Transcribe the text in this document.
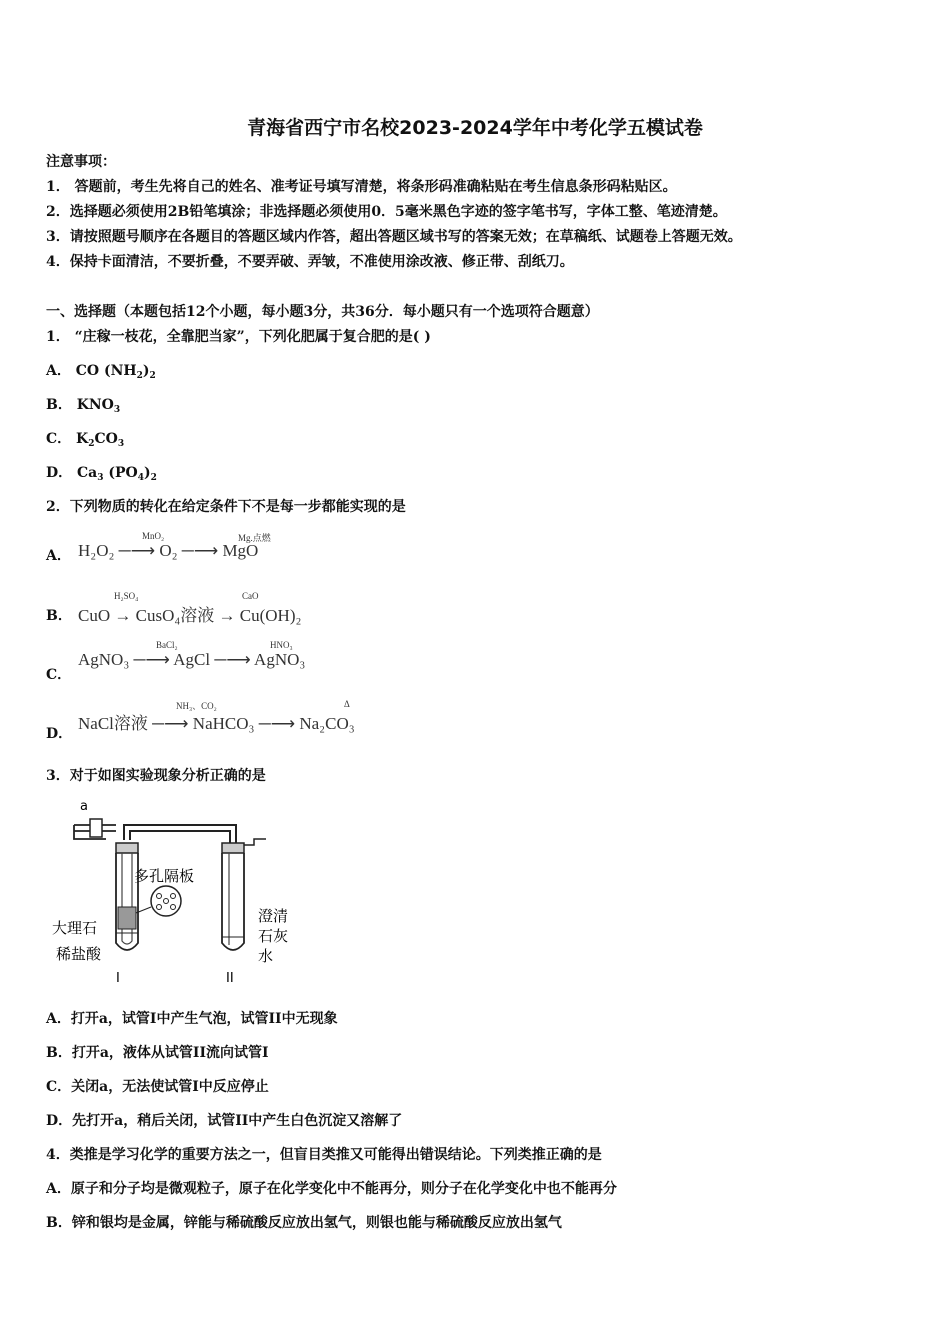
青海省西宁市名校2023-2024学年中考化学五模试卷
注意事项：
1． 答题前，考生先将自己的姓名、准考证号填写清楚，将条形码准确粘贴在考生信息条形码粘贴区。
2．选择题必须使用2B铅笔填涂；非选择题必须使用0．5毫米黑色字迹的签字笔书写，字体工整、笔迹清楚。
3．请按照题号顺序在各题目的答题区域内作答，超出答题区域书写的答案无效；在草稿纸、试题卷上答题无效。
4．保持卡面清洁，不要折叠，不要弄破、弄皱，不准使用涂改液、修正带、刮纸刀。
一、选择题（本题包括12个小题，每小题3分，共36分．每小题只有一个选项符合题意）
1． “庄稼一枝花，全靠肥当家”，下列化肥属于复合肥的是( )
A． CO $(NH_2)_2$
B． $KNO_3$
C． $K_2CO_3$
D． $Ca_3$ $(PO_4)_2$
2．下列物质的转化在给定条件下不是每一步都能实现的是
A． H₂O₂ ─⟶ O₂ ─⟶ MgO
MnO₂	Mg.点燃
B． CuO → CusO₄溶液 → Cu(OH)₂
H₂SO₄	CaO
C．
AgNO₃ ─⟶ AgCl ─⟶ AgNO₃
BaCl₂	HNO₃
D．
NaCl溶液 ─⟶ NaHCO₃ ─⟶ Na₂CO₃
NH₃、CO₂	Δ
3．对于如图实验现象分析正确的是
a
多孔隔板
大理石
稀盐酸
I
澄清
石灰
水
II
A．打开a，试管I中产生气泡，试管II中无现象
B．打开a，液体从试管II流向试管I
C．关闭a，无法使试管I中反应停止
D．先打开a，稍后关闭，试管II中产生白色沉淀又溶解了
4．类推是学习化学的重要方法之一，但盲目类推又可能得出错误结论。下列类推正确的是
A．原子和分子均是微观粒子，原子在化学变化中不能再分，则分子在化学变化中也不能再分
B．锌和银均是金属，锌能与稀硫酸反应放出氢气，则银也能与稀硫酸反应放出氢气
